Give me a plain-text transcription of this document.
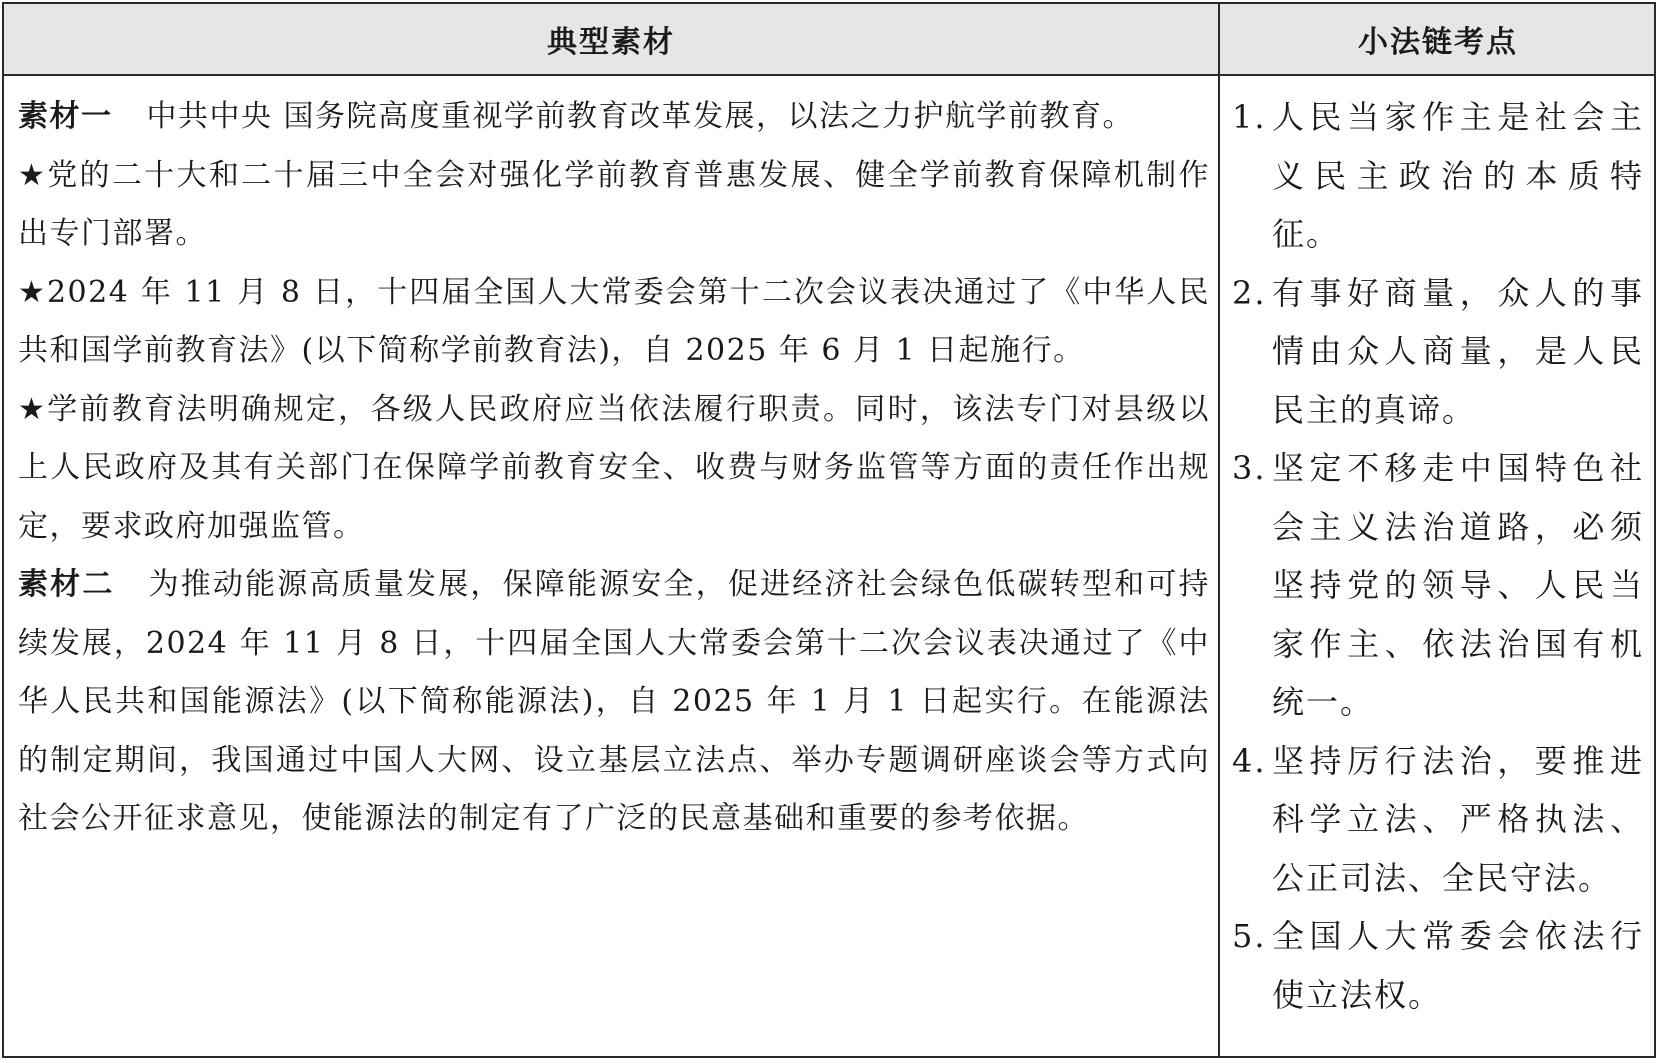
典型素材	小法链考点

素材一 中共中央 国务院高度重视学前教育改革发展，以法之力护航学前教育。

★党的二十大和二十届三中全会对强化学前教育普惠发展、健全学前教育保障机制作出专门部署。

★2024 年 11 月 8 日，十四届全国人大常委会第十二次会议表决通过了《中华人民共和国学前教育法》(以下简称学前教育法)，自 2025 年 6 月 1 日起施行。

★学前教育法明确规定，各级人民政府应当依法履行职责。同时，该法专门对县级以上人民政府及其有关部门在保障学前教育安全、收费与财务监管等方面的责任作出规定，要求政府加强监管。

素材二 为推动能源高质量发展，保障能源安全，促进经济社会绿色低碳转型和可持续发展，2024 年 11 月 8 日，十四届全国人大常委会第十二次会议表决通过了《中华人民共和国能源法》(以下简称能源法)，自 2025 年 1 月 1 日起实行。在能源法的制定期间，我国通过中国人大网、设立基层立法点、举办专题调研座谈会等方式向社会公开征求意见，使能源法的制定有了广泛的民意基础和重要的参考依据。

1. 人民当家作主是社会主义民主政治的本质特征。
2. 有事好商量，众人的事情由众人商量，是人民民主的真谛。
3. 坚定不移走中国特色社会主义法治道路，必须坚持党的领导、人民当家作主、依法治国有机统一。
4. 坚持厉行法治，要推进科学立法、严格执法、公正司法、全民守法。
5. 全国人大常委会依法行使立法权。
